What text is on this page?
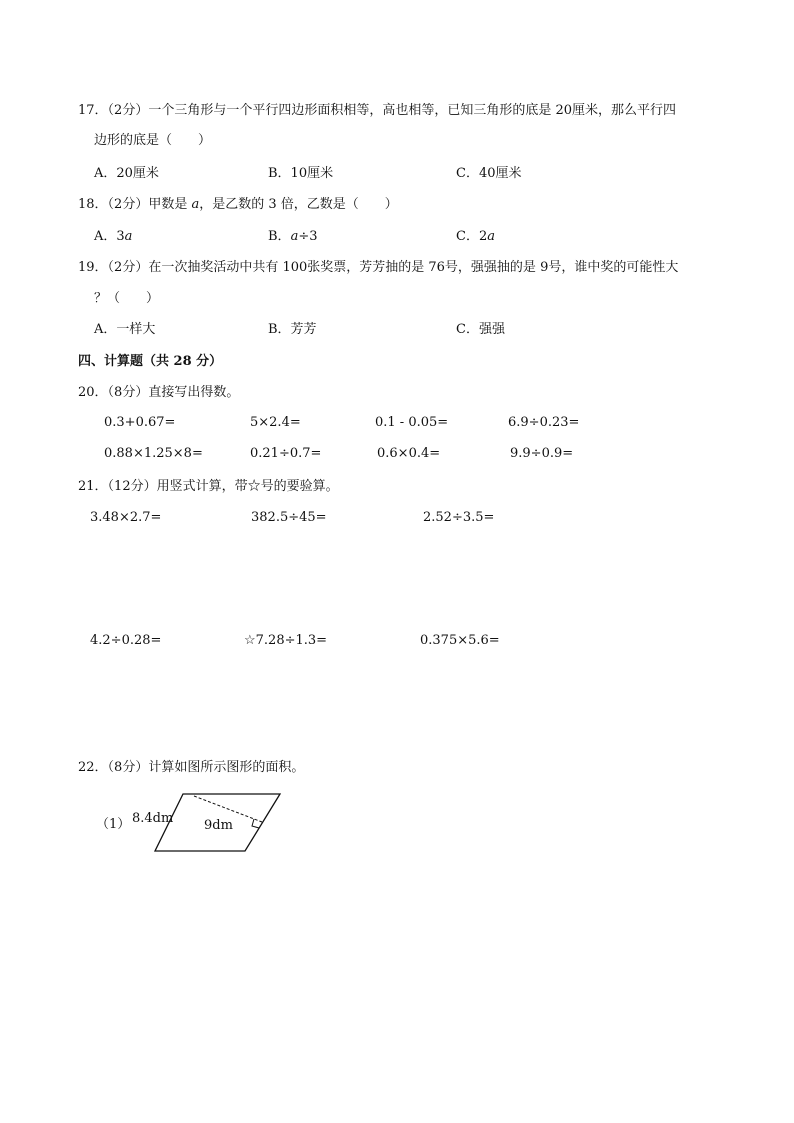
17．（2分）一个三角形与一个平行四边形面积相等，高也相等，已知三角形的底是 20厘米，那么平行四
边形的底是（　　）
A．20厘米	B．10厘米	C．40厘米
18．（2分）甲数是 a，是乙数的 3 倍，乙数是（　　）
A．3a	B．a÷3	C．2a
19．（2分）在一次抽奖活动中共有 100张奖票，芳芳抽的是 76号，强强抽的是 9号，谁中奖的可能性大
？（　　）
A．一样大	B．芳芳	C．强强
四、计算题（共 28 分）
20．（8分）直接写出得数。
0.3+0.67=	5×2.4=	0.1 - 0.05=	6.9÷0.23=
0.88×1.25×8=	0.21÷0.7=	0.6×0.4=	9.9÷0.9=
21．（12分）用竖式计算，带☆号的要验算。
3.48×2.7=	382.5÷45=	2.52÷3.5=
4.2÷0.28=	☆7.28÷1.3=	0.375×5.6=
22．（8分）计算如图所示图形的面积。
（1） 8.4dm 9dm
